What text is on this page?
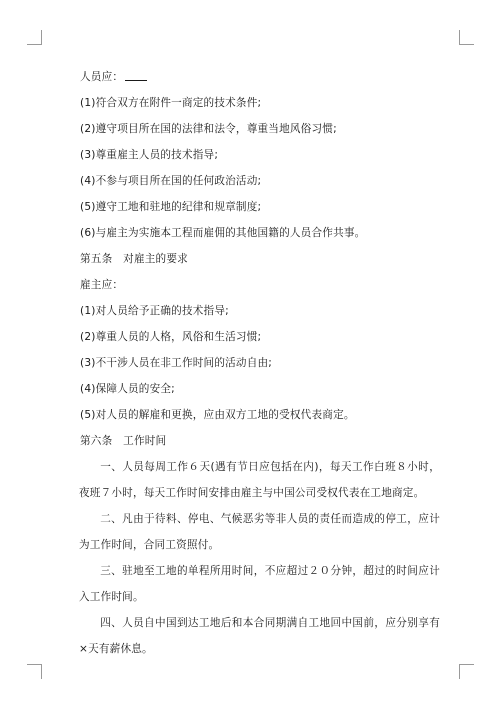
人员应：
(1)符合双方在附件一商定的技术条件;
(2)遵守项目所在国的法律和法令，尊重当地风俗习惯;
(3)尊重雇主人员的技术指导;
(4)不参与项目所在国的任何政治活动;
(5)遵守工地和驻地的纪律和规章制度;
(6)与雇主为实施本工程而雇佣的其他国籍的人员合作共事。
第五条　对雇主的要求
雇主应：
(1)对人员给予正确的技术指导;
(2)尊重人员的人格，风俗和生活习惯;
(3)不干涉人员在非工作时间的活动自由;
(4)保障人员的安全;
(5)对人员的解雇和更换，应由双方工地的受权代表商定。
第六条　工作时间
一、人员每周工作６天(遇有节日应包括在内)，每天工作白班８小时，夜班７小时，每天工作时间安排由雇主与中国公司受权代表在工地商定。
二、凡由于待料、停电、气候恶劣等非人员的责任而造成的停工，应计为工作时间，合同工资照付。
三、驻地至工地的单程所用时间，不应超过２０分钟，超过的时间应计入工作时间。
四、人员自中国到达工地后和本合同期满自工地回中国前，应分别享有×天有薪休息。
